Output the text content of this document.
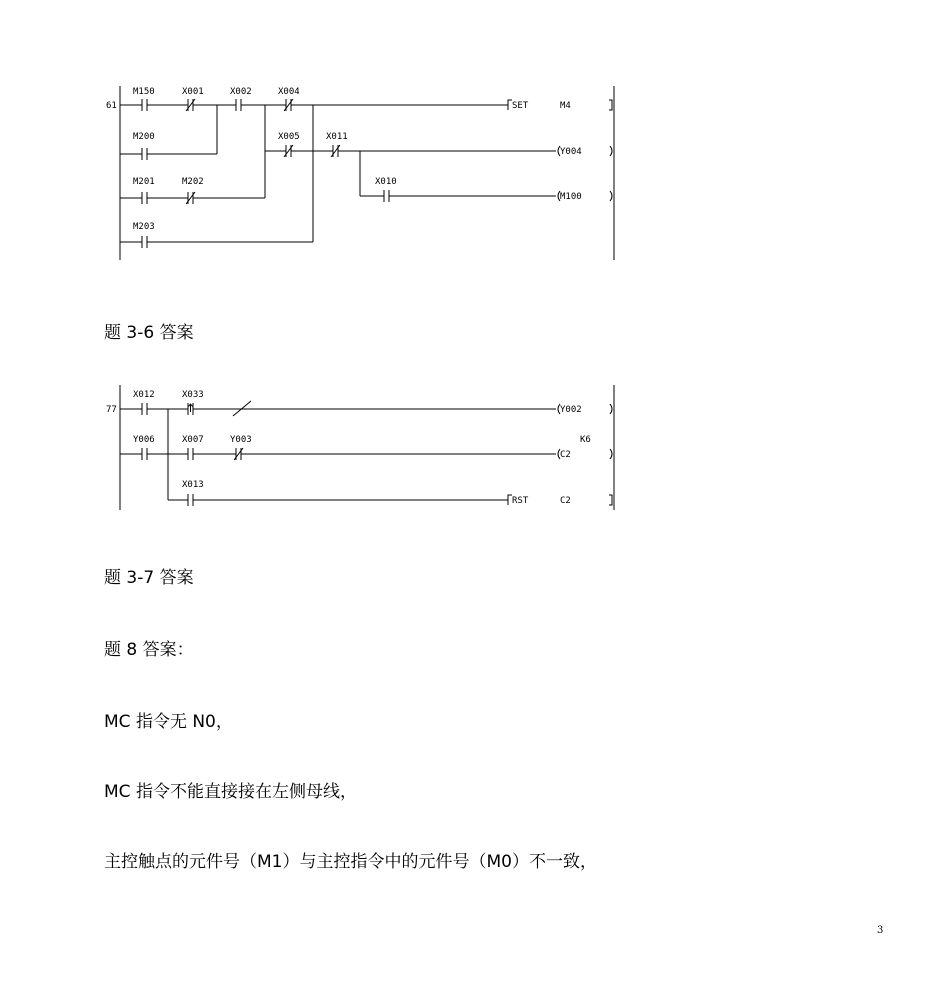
61
M150	X001	X002	X004
SET	M4
M200	X005	X011
Y004
M201	M202	X010
M100
M203

题 3-6 答案

77
X012	X033
Y002
Y006	X007	Y003	K6
C2
X013
RST	C2

题 3-7 答案

题 8 答案：

MC 指令无 N0，

MC 指令不能直接接在左侧母线，

主控触点的元件号（M1）与主控指令中的元件号（M0）不一致，

3
